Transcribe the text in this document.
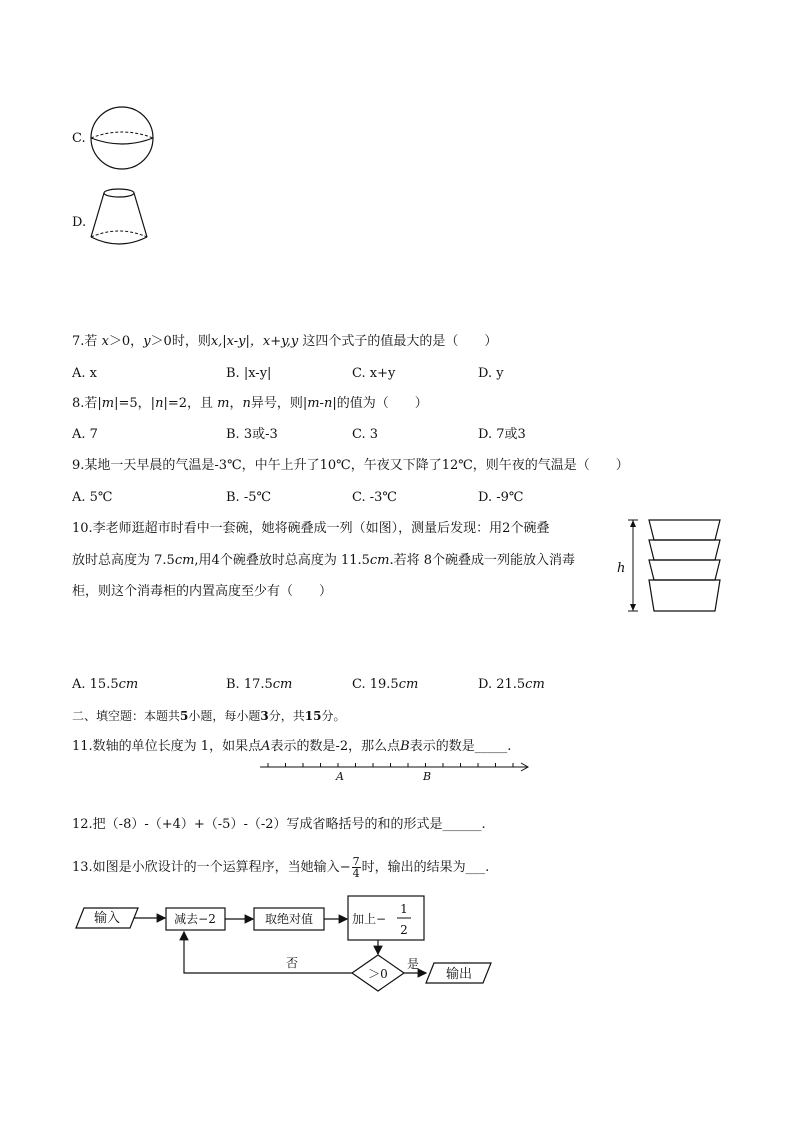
C.
D.
7.若 x＞0，y＞0时，则x,|x-y|，x+y,y 这四个式子的值最大的是（　　）
A. x	B. |x-y|	C. x+y	D. y
8.若|m|=5，|n|=2，且 m，n异号，则|m-n|的值为（　　）
A. 7	B. 3或-3	C. 3	D. 7或3
9.某地一天早晨的气温是-3℃，中午上升了10℃，午夜又下降了12℃，则午夜的气温是（　　）
A. 5℃	B. -5℃	C. -3℃	D. -9℃
10.李老师逛超市时看中一套碗，她将碗叠成一列（如图），测量后发现：用2个碗叠
放时总高度为 7.5cm,用4个碗叠放时总高度为 11.5cm.若将 8个碗叠成一列能放入消毒
柜，则这个消毒柜的内置高度至少有（　　）
h
A. 15.5cm	B. 17.5cm	C. 19.5cm	D. 21.5cm
二、填空题：本题共5小题，每小题3分，共15分。
11.数轴的单位长度为 1，如果点A表示的数是-2，那么点B表示的数是_____.
A	B
12.把（-8）-（+4）+（-5）-（-2）写成省略括号的和的形式是______.
13.如图是小欣设计的一个运算程序，当她输入− $\frac{7}{4}$ 时，输出的结果为___.
输入	减去−2	取绝对值	加上−
1
2
＞0
是
输出
否
